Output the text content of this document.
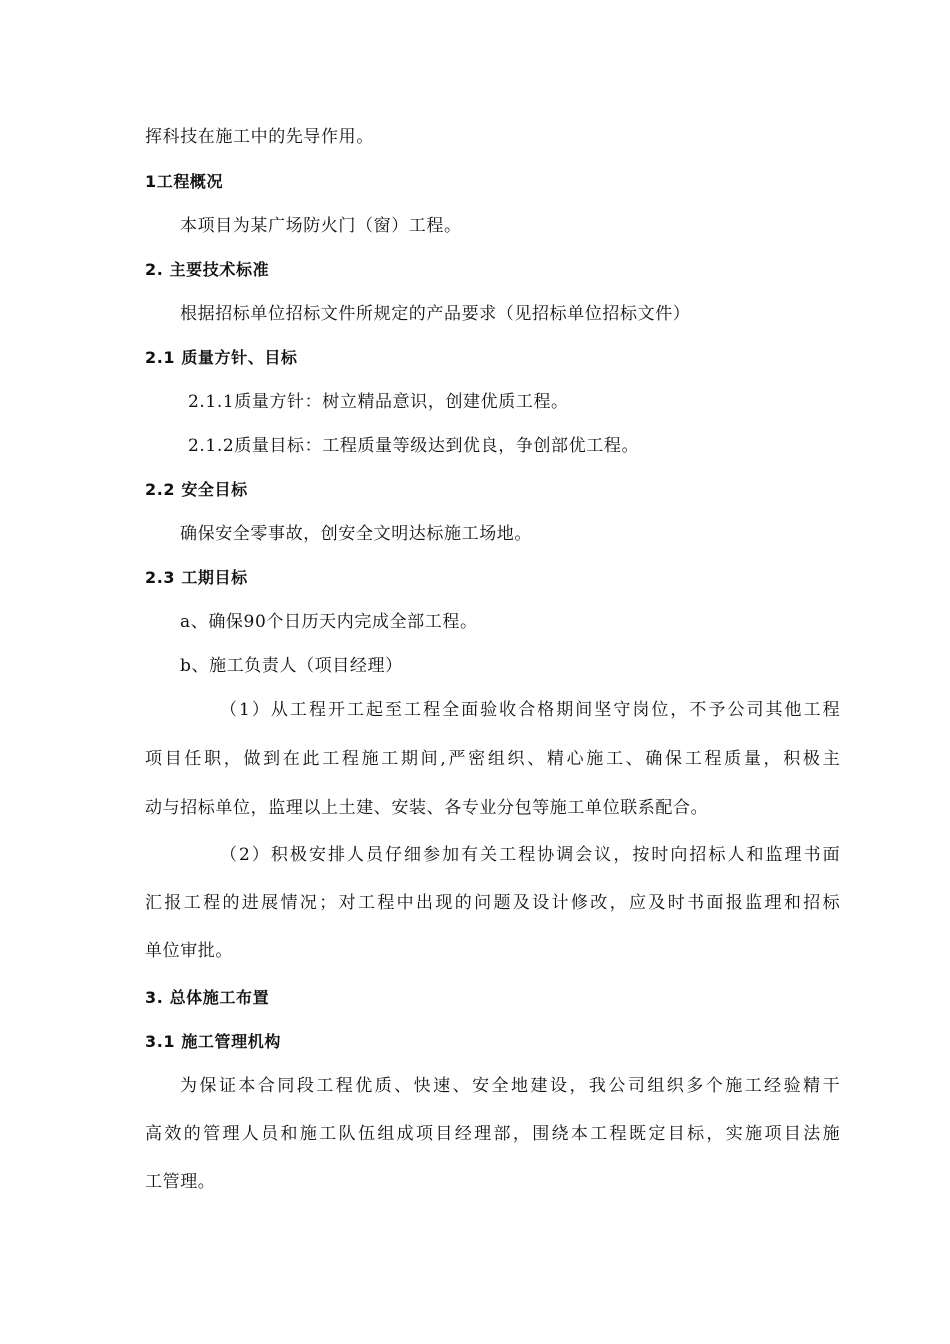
挥科技在施工中的先导作用。

1工程概况

本项目为某广场防火门（窗）工程。

2. 主要技术标准

根据招标单位招标文件所规定的产品要求（见招标单位招标文件）

2.1 质量方针、目标

2.1.1质量方针：树立精品意识，创建优质工程。

2.1.2质量目标：工程质量等级达到优良，争创部优工程。

2.2 安全目标

确保安全零事故，创安全文明达标施工场地。

2.3 工期目标

a、确保90个日历天内完成全部工程。

b、施工负责人（项目经理）

（1）从工程开工起至工程全面验收合格期间坚守岗位，不予公司其他工程

项目任职，做到在此工程施工期间,严密组织、精心施工、确保工程质量，积极主

动与招标单位，监理以上土建、安装、各专业分包等施工单位联系配合。

（2）积极安排人员仔细参加有关工程协调会议，按时向招标人和监理书面

汇报工程的进展情况；对工程中出现的问题及设计修改，应及时书面报监理和招标

单位审批。

3. 总体施工布置

3.1 施工管理机构

为保证本合同段工程优质、快速、安全地建设，我公司组织多个施工经验精干

高效的管理人员和施工队伍组成项目经理部，围绕本工程既定目标，实施项目法施

工管理。
